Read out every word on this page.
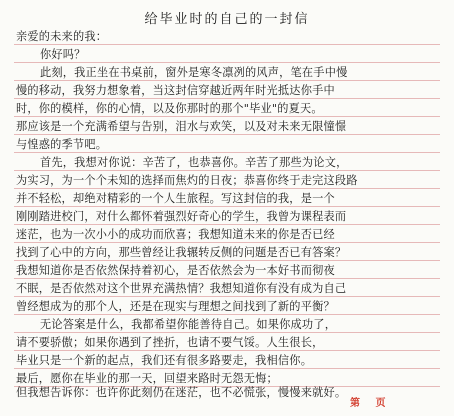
给毕业时的自己的一封信
亲爱的未来的我：
你好吗？
此刻，我正坐在书桌前，窗外是寒冬凛冽的风声，笔在手中慢
慢的移动，我努力想象着，当这封信穿越近两年时光抵达你手中
时，你的模样，你的心情，以及你那时的那个"毕业"的夏天。
那应该是一个充满希望与告别，泪水与欢笑，以及对未来无限憧憬
与惶惑的季节吧。
首先，我想对你说：辛苦了，也恭喜你。辛苦了那些为论文，
为实习，为一个个未知的选择而焦灼的日夜；恭喜你终于走完这段路
并不轻松，却绝对精彩的一个人生旅程。写这封信的我，是一个
刚刚踏进校门，对什么都怀着强烈好奇心的学生，我曾为课程表而
迷茫，也为一次小小的成功而欣喜；我想知道未来的你是否已经
找到了心中的方向，那些曾经让我辗转反侧的问题是否已有答案？
我想知道你是否依然保持着初心，是否依然会为一本好书而彻夜
不眠，是否依然对这个世界充满热情？我想知道你有没有成为自己
曾经想成为的那个人，还是在现实与理想之间找到了新的平衡？
无论答案是什么，我都希望你能善待自己。如果你成功了，
请不要骄傲；如果你遇到了挫折，也请不要气馁。人生很长，
毕业只是一个新的起点，我们还有很多路要走，我相信你。
最后，愿你在毕业的那一天，回望来路时无怨无悔；
但我想告诉你：也许你此刻仍在迷茫，也不必慌张，慢慢来就好。
第 页
